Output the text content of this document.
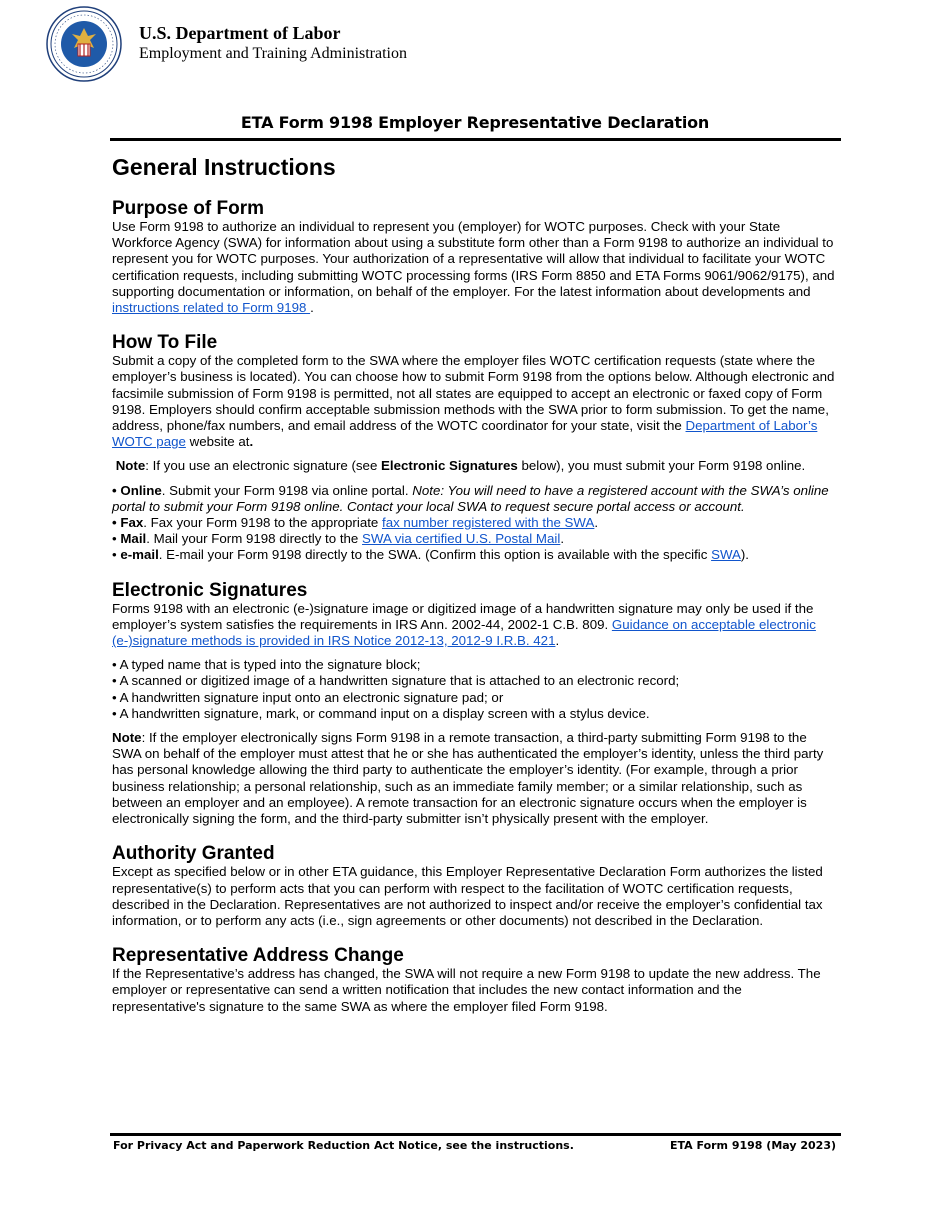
U.S. Department of Labor
Employment and Training Administration
ETA Form 9198 Employer Representative Declaration
General Instructions
Purpose of Form

Use Form 9198 to authorize an individual to represent you (employer) for WOTC purposes. Check with your State Workforce Agency (SWA) for information about using a substitute form other than a Form 9198 to authorize an individual to represent you for WOTC purposes. Your authorization of a representative will allow that individual to facilitate your WOTC certification requests, including submitting WOTC processing forms (IRS Form 8850 and ETA Forms 9061/9062/9175), and supporting documentation or information, on behalf of the employer. For the latest information about developments and instructions related to Form 9198 .

How To File

Submit a copy of the completed form to the SWA where the employer files WOTC certification requests (state where the employer’s business is located). You can choose how to submit Form 9198 from the options below. Although electronic and facsimile submission of Form 9198 is permitted, not all states are equipped to accept an electronic or faxed copy of Form 9198. Employers should confirm acceptable submission methods with the SWA prior to form submission. To get the name, address, phone/fax numbers, and email address of the WOTC coordinator for your state, visit the Department of Labor’s WOTC page website at.

Note: If you use an electronic signature (see Electronic Signatures below), you must submit your Form 9198 online.

• Online. Submit your Form 9198 via online portal. Note: You will need to have a registered account with the SWA’s online portal to submit your Form 9198 online. Contact your local SWA to request secure portal access or account.
• Fax. Fax your Form 9198 to the appropriate fax number registered with the SWA.
• Mail. Mail your Form 9198 directly to the SWA via certified U.S. Postal Mail.
• e-mail. E-mail your Form 9198 directly to the SWA. (Confirm this option is available with the specific SWA).
Electronic Signatures

Forms 9198 with an electronic (e-)signature image or digitized image of a handwritten signature may only be used if the employer’s system satisfies the requirements in IRS Ann. 2002-44, 2002-1 C.B. 809. Guidance on acceptable electronic (e-)signature methods is provided in IRS Notice 2012-13, 2012-9 I.R.B. 421.

• A typed name that is typed into the signature block;
• A scanned or digitized image of a handwritten signature that is attached to an electronic record;
• A handwritten signature input onto an electronic signature pad; or
• A handwritten signature, mark, or command input on a display screen with a stylus device.

Note: If the employer electronically signs Form 9198 in a remote transaction, a third-party submitting Form 9198 to the SWA on behalf of the employer must attest that he or she has authenticated the employer’s identity, unless the third party has personal knowledge allowing the third party to authenticate the employer’s identity. (For example, through a prior business relationship; a personal relationship, such as an immediate family member; or a similar relationship, such as between an employer and an employee). A remote transaction for an electronic signature occurs when the employer is electronically signing the form, and the third-party submitter isn’t physically present with the employer.

Authority Granted

Except as specified below or in other ETA guidance, this Employer Representative Declaration Form authorizes the listed representative(s) to perform acts that you can perform with respect to the facilitation of WOTC certification requests, described in the Declaration. Representatives are not authorized to inspect and/or receive the employer’s confidential tax information, or to perform any acts (i.e., sign agreements or other documents) not described in the Declaration.

Representative Address Change

If the Representative’s address has changed, the SWA will not require a new Form 9198 to update the new address. The employer or representative can send a written notification that includes the new contact information and the representative's signature to the same SWA as where the employer filed Form 9198.

For Privacy Act and Paperwork Reduction Act Notice, see the instructions.	ETA Form 9198 (May 2023)
